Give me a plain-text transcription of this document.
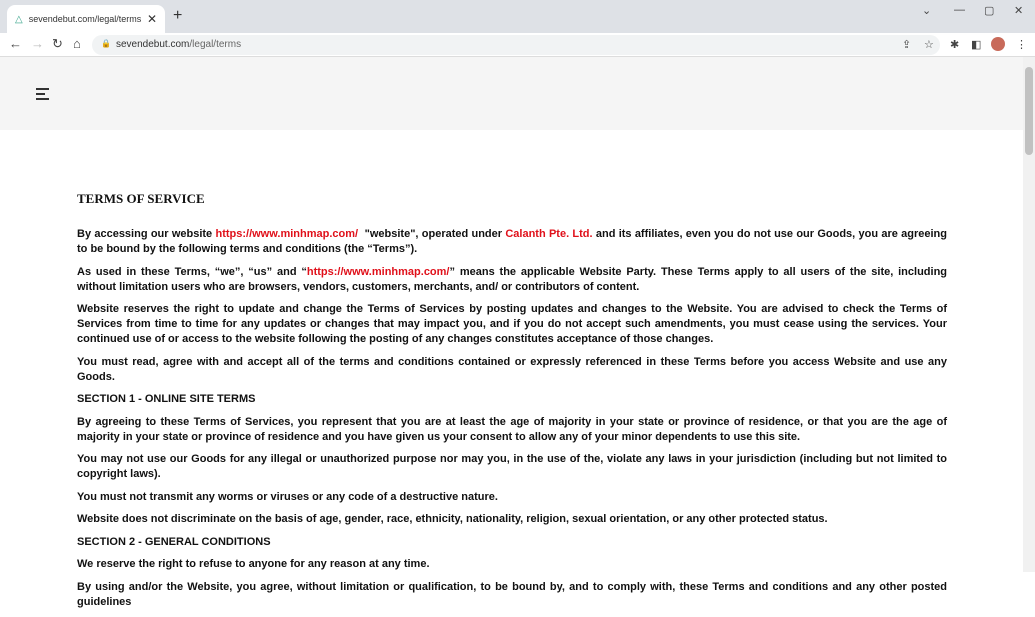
△ sevendebut.com/legal/terms ✕ +	⌄ — ▢ ✕
← → ↻ ⌂	🔒 sevendebut.com/legal/terms	⇪ ☆ ✱ ◧	⋮
TERMS OF SERVICE

By accessing our website https://www.minhmap.com/  "website", operated under Calanth Pte. Ltd. and its affiliates, even you do not use our Goods, you are agreeing to be bound by the following terms and conditions (the “Terms”).

As used in these Terms, “we”, “us” and “https://www.minhmap.com/” means the applicable Website Party. These Terms apply to all users of the site, including without limitation users who are browsers, vendors, customers, merchants, and/ or contributors of content.

Website reserves the right to update and change the Terms of Services by posting updates and changes to the Website. You are advised to check the Terms of Services from time to time for any updates or changes that may impact you, and if you do not accept such amendments, you must cease using the services. Your continued use of or access to the website following the posting of any changes constitutes acceptance of those changes.

You must read, agree with and accept all of the terms and conditions contained or expressly referenced in these Terms before you access Website and use any Goods.

SECTION 1 - ONLINE SITE TERMS

By agreeing to these Terms of Services, you represent that you are at least the age of majority in your state or province of residence, or that you are the age of majority in your state or province of residence and you have given us your consent to allow any of your minor dependents to use this site.

You may not use our Goods for any illegal or unauthorized purpose nor may you, in the use of the, violate any laws in your jurisdiction (including but not limited to copyright laws).

You must not transmit any worms or viruses or any code of a destructive nature.

Website does not discriminate on the basis of age, gender, race, ethnicity, nationality, religion, sexual orientation, or any other protected status.

SECTION 2 - GENERAL CONDITIONS

We reserve the right to refuse to anyone for any reason at any time.

By using and/or the Website, you agree, without limitation or qualification, to be bound by, and to comply with, these Terms and conditions and any other posted guidelines
